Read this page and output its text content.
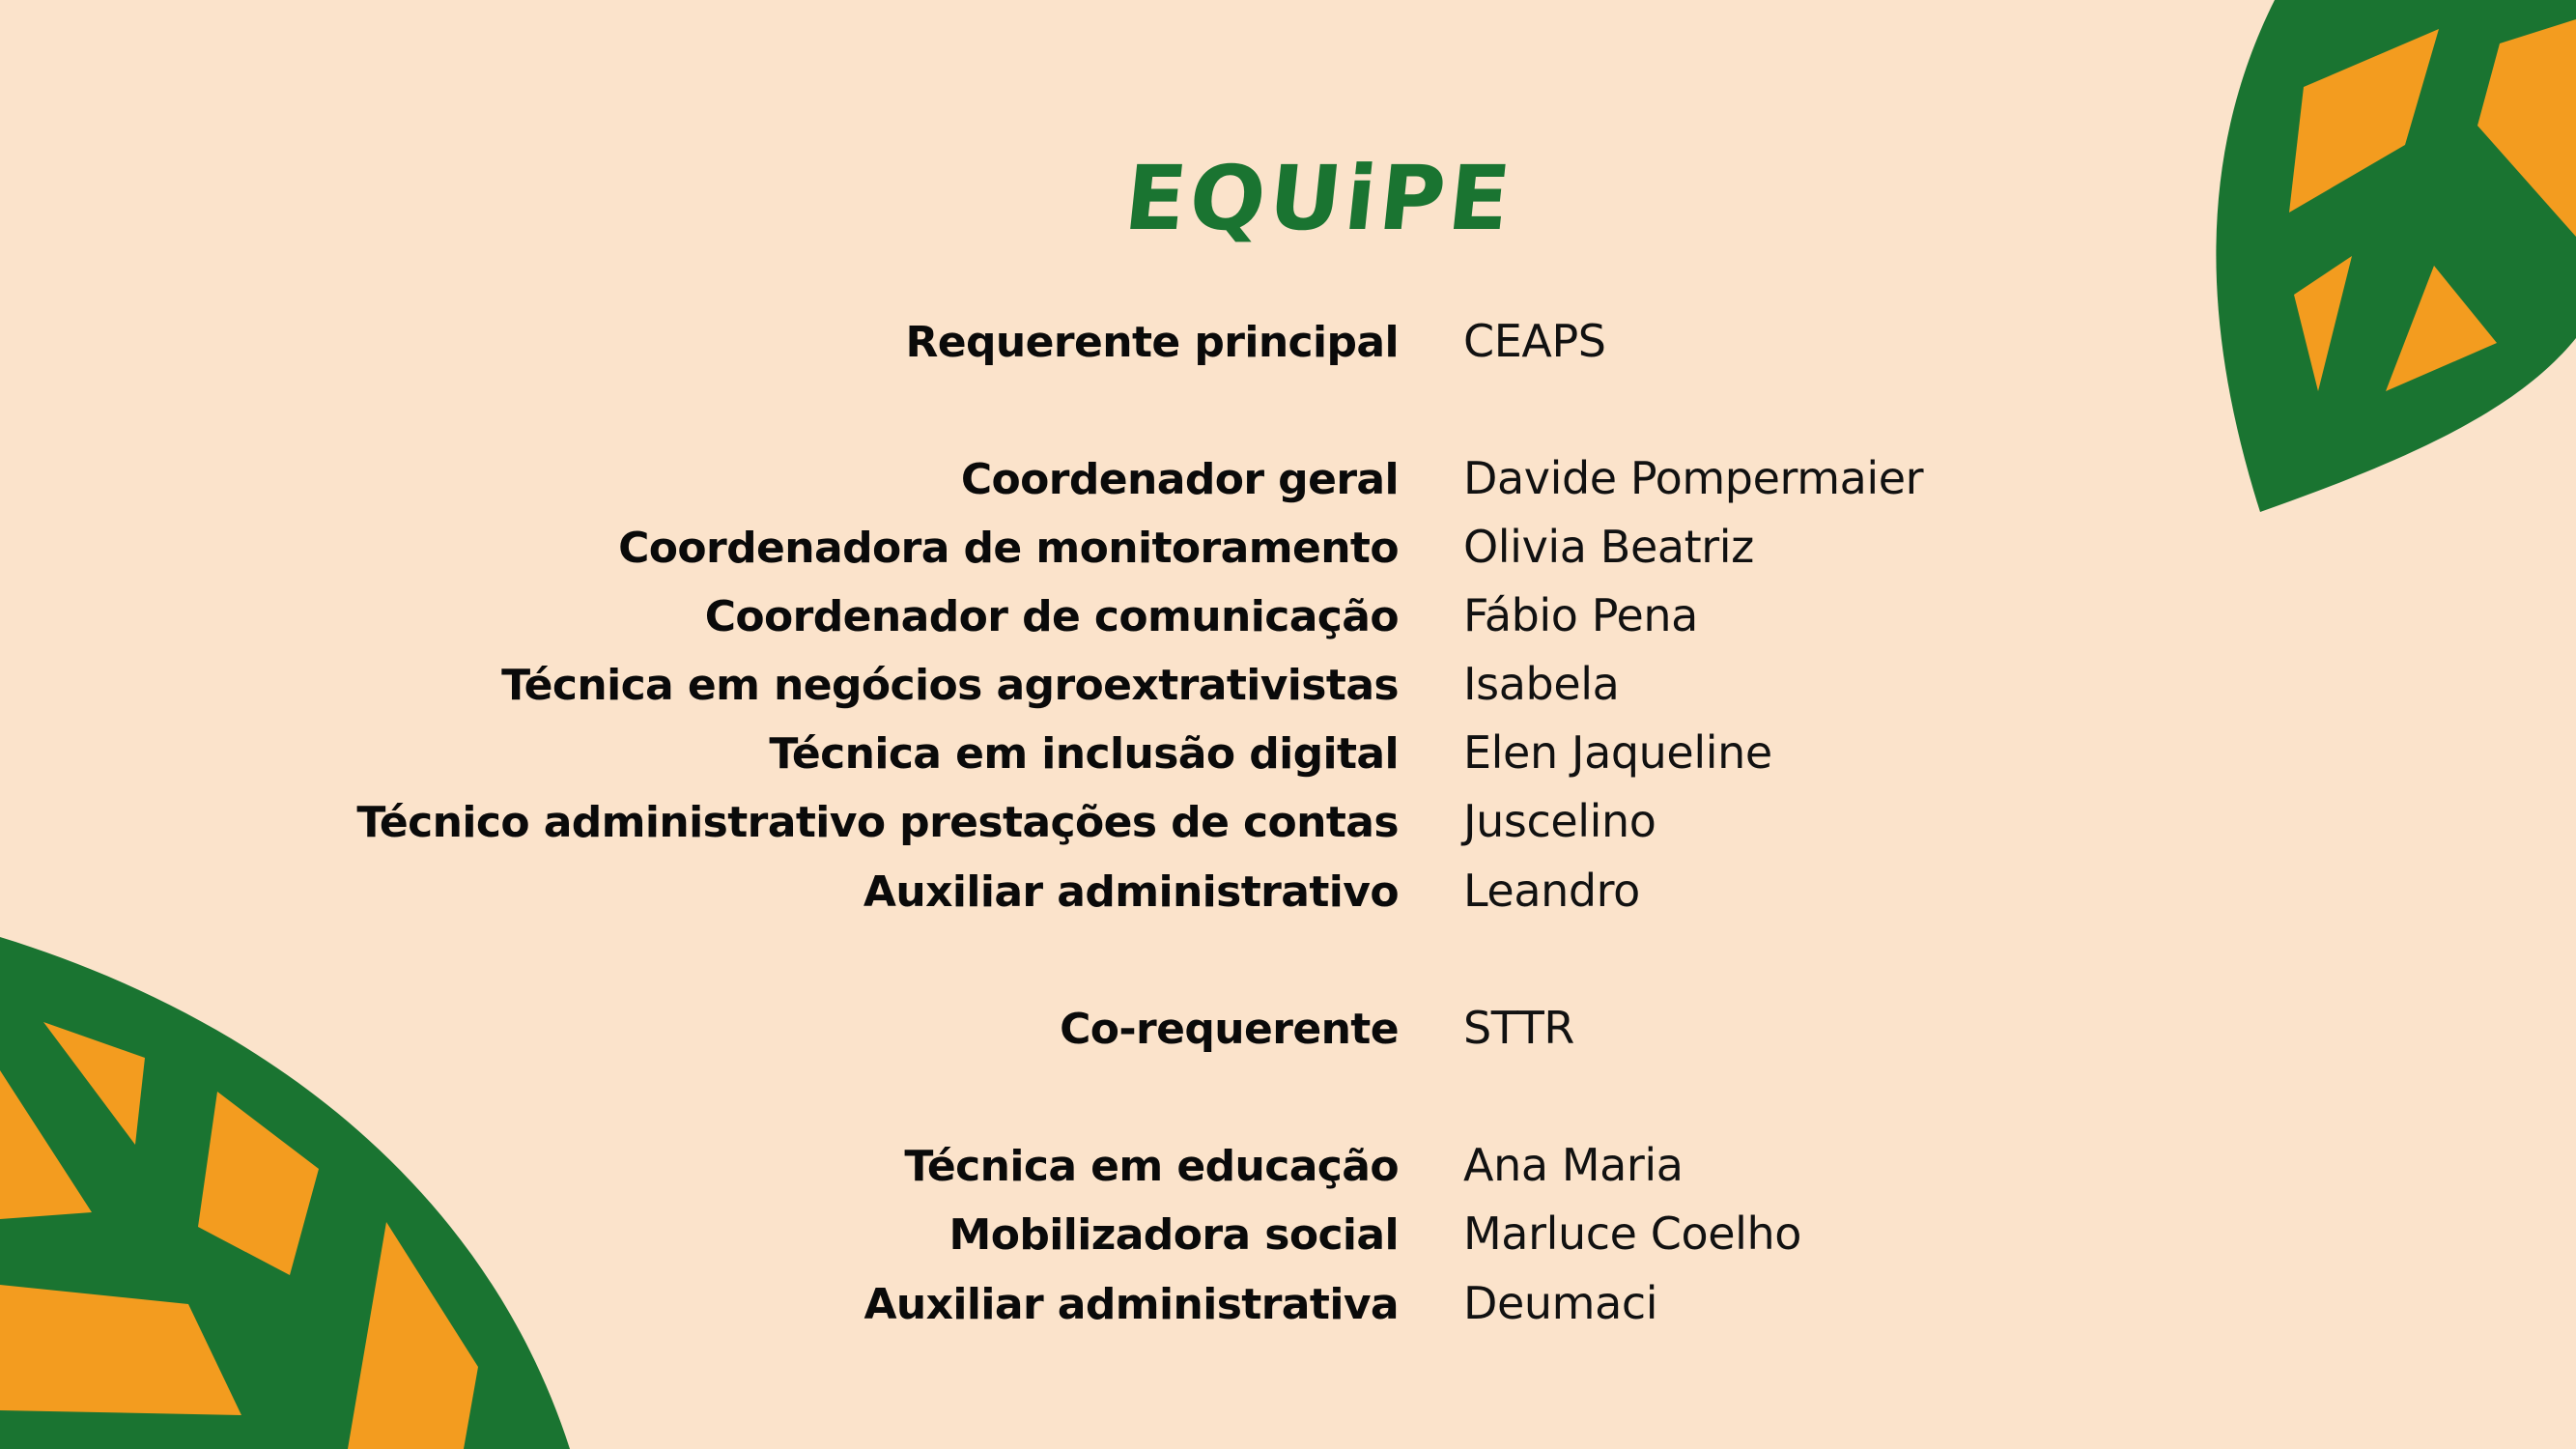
EQUiPE
Requerente principal
Coordenador geral
Coordenadora de monitoramento
Coordenador de comunicação
Técnica em negócios agroextrativistas
Técnica em inclusão digital
Técnico administrativo prestações de contas
Auxiliar administrativo
Co-requerente
Técnica em educação
Mobilizadora social
Auxiliar administrativa
CEAPS
Davide Pompermaier
Olivia Beatriz
Fábio Pena
Isabela
Elen Jaqueline
Juscelino
Leandro
STTR
Ana Maria
Marluce Coelho
Deumaci
